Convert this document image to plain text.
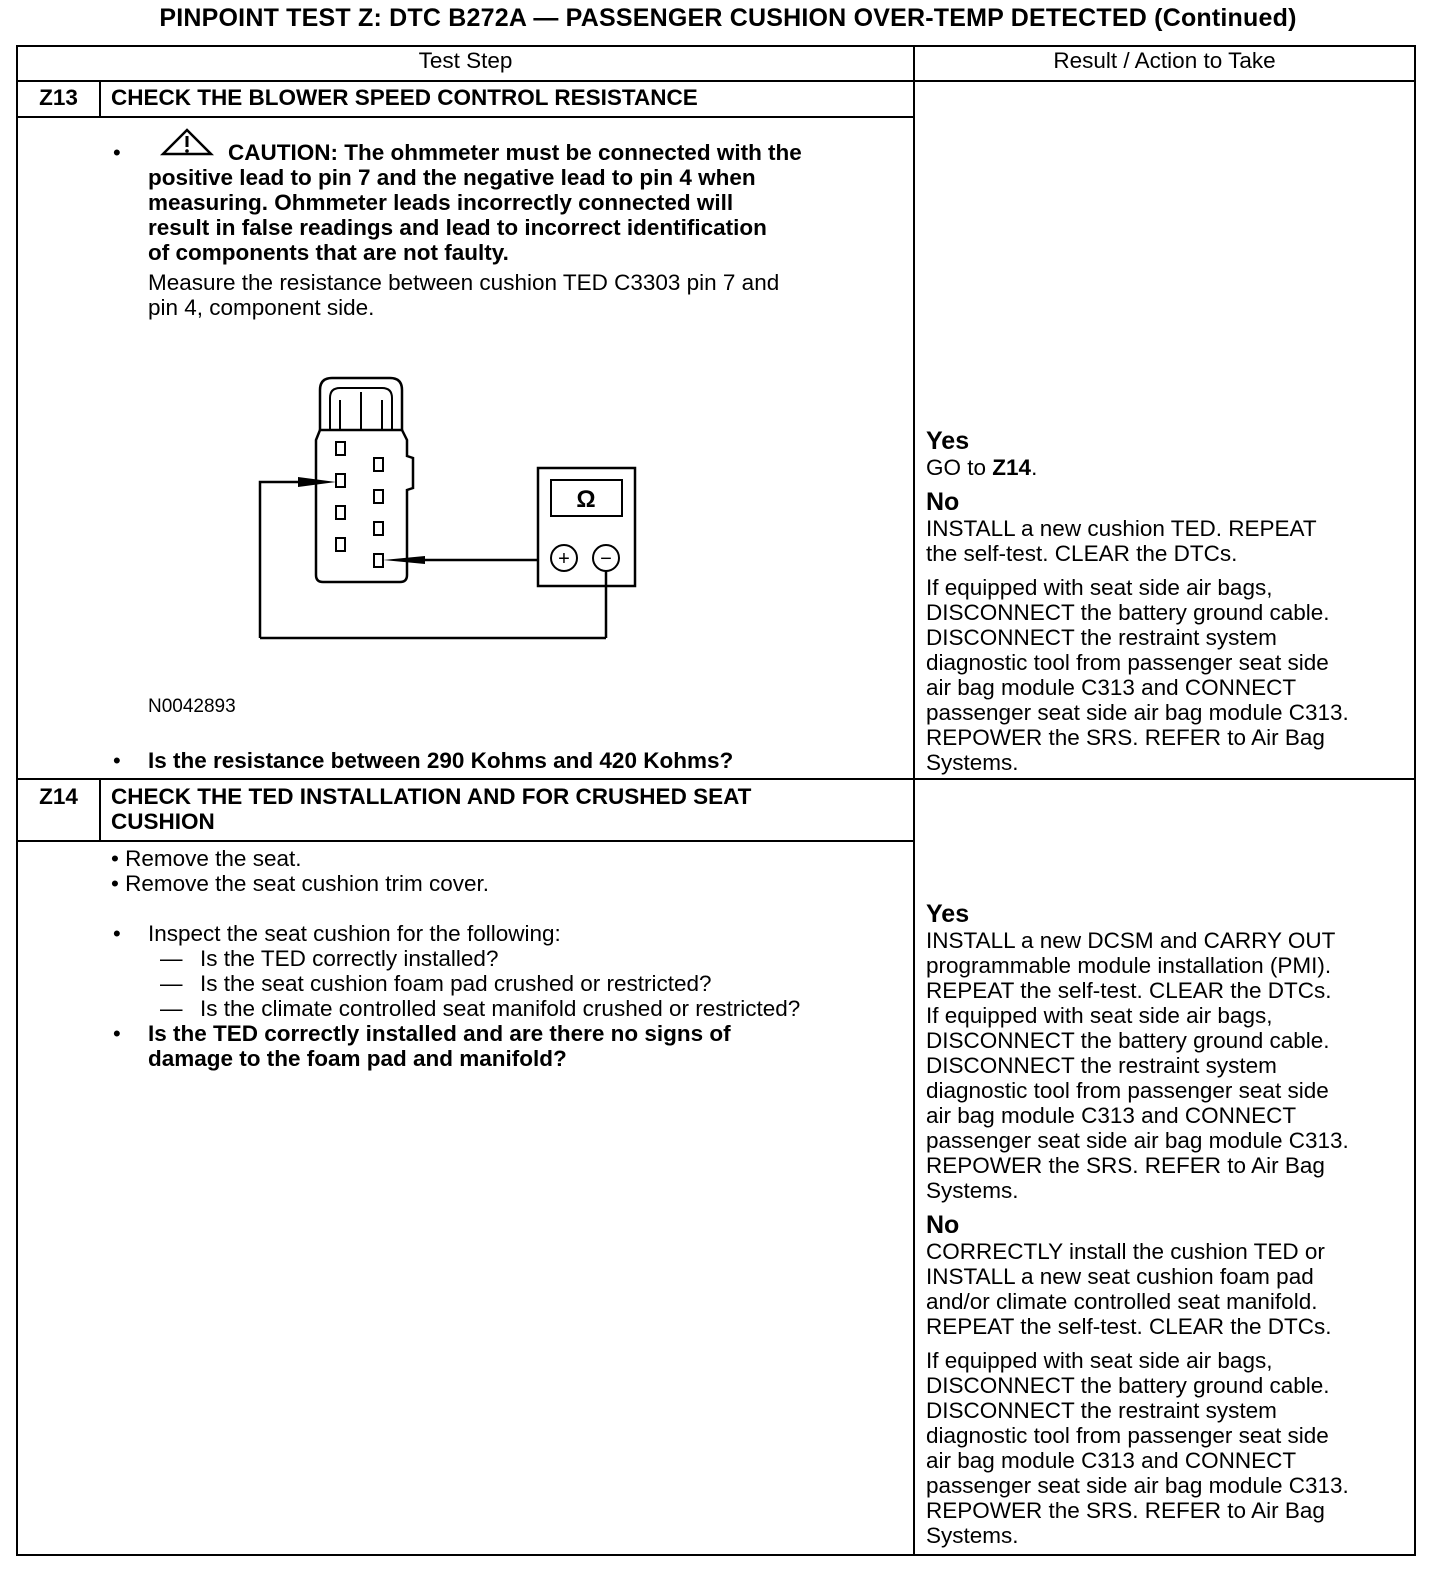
PINPOINT TEST Z: DTC B272A — PASSENGER CUSHION OVER-TEMP DETECTED (Continued)
Test Step	Result / Action to Take
Z13	CHECK THE BLOWER SPEED CONTROL RESISTANCE
•	CAUTION: The ohmmeter must be connected with the
positive lead to pin 7 and the negative lead to pin 4 when
measuring. Ohmmeter leads incorrectly connected will
result in false readings and lead to incorrect identification
of components that are not faulty.
Measure the resistance between cushion TED C3303 pin 7 and
pin 4, component side.
Ω
+ −
N0042893
• Is the resistance between 290 Kohms and 420 Kohms?
Yes

GO to Z14.

No

INSTALL a new cushion TED. REPEAT
the self-test. CLEAR the DTCs.

If equipped with seat side air bags,
DISCONNECT the battery ground cable.
DISCONNECT the restraint system
diagnostic tool from passenger seat side
air bag module C313 and CONNECT
passenger seat side air bag module C313.
REPOWER the SRS. REFER to Air Bag
Systems.

Z14	CHECK THE TED INSTALLATION AND FOR CRUSHED SEAT
CUSHION
• Remove the seat.
• Remove the seat cushion trim cover.
• Inspect the seat cushion for the following:
— Is the TED correctly installed?
— Is the seat cushion foam pad crushed or restricted?
— Is the climate controlled seat manifold crushed or restricted?
• Is the TED correctly installed and are there no signs of
damage to the foam pad and manifold?
Yes

INSTALL a new DCSM and CARRY OUT
programmable module installation (PMI).
REPEAT the self-test. CLEAR the DTCs.
If equipped with seat side air bags,
DISCONNECT the battery ground cable.
DISCONNECT the restraint system
diagnostic tool from passenger seat side
air bag module C313 and CONNECT
passenger seat side air bag module C313.
REPOWER the SRS. REFER to Air Bag
Systems.

No

CORRECTLY install the cushion TED or
INSTALL a new seat cushion foam pad
and/or climate controlled seat manifold.
REPEAT the self-test. CLEAR the DTCs.

If equipped with seat side air bags,
DISCONNECT the battery ground cable.
DISCONNECT the restraint system
diagnostic tool from passenger seat side
air bag module C313 and CONNECT
passenger seat side air bag module C313.
REPOWER the SRS. REFER to Air Bag
Systems.
